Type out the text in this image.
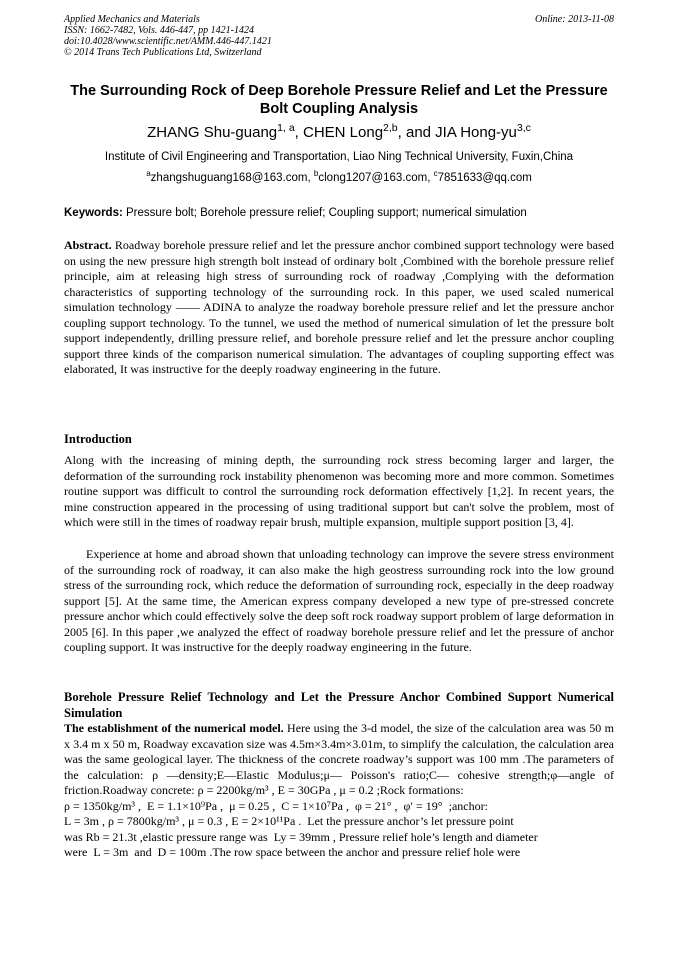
Applied Mechanics and Materials
ISSN: 1662-7482, Vols. 446-447, pp 1421-1424
doi:10.4028/www.scientific.net/AMM.446-447.1421
© 2014 Trans Tech Publications Ltd, Switzerland
Online: 2013-11-08
The Surrounding Rock of Deep Borehole Pressure Relief and Let the Pressure Bolt Coupling Analysis
ZHANG Shu-guang$^{1, a}$, CHEN Long$^{2,b}$, and JIA Hong-yu$^{3,c}$
Institute of Civil Engineering and Transportation, Liao Ning Technical University, Fuxin,China
$^a$zhangshuguang168@163.com, $^b$clong1207@163.com, $^c$7851633@qq.com
Keywords: Pressure bolt; Borehole pressure relief; Coupling support; numerical simulation
Abstract. Roadway borehole pressure relief and let the pressure anchor combined support technology were based on using the new pressure high strength bolt instead of ordinary bolt ,Combined with the borehole pressure relief principle, aim at releasing high stress of surrounding rock of roadway ,Complying with the deformation characteristics of supporting technology of the surrounding rock. In this paper, we used scaled numerical simulation technology —— ADINA to analyze the roadway borehole pressure relief and let the pressure anchor coupling support technology. To the tunnel, we used the method of numerical simulation of let the pressure bolt support independently, drilling pressure relief, and borehole pressure relief and let the pressure anchor coupling support three kinds of the comparison numerical simulation. The advantages of coupling supporting effect was elaborated, It was instructive for the deeply roadway engineering in the future.
Introduction
Along with the increasing of mining depth, the surrounding rock stress becoming larger and larger, the deformation of the surrounding rock instability phenomenon was becoming more and more common. Sometimes routine support was difficult to control the surrounding rock deformation effectively [1,2]. In recent years, the mine construction appeared in the processing of using traditional support but can't solve the problem, most of which were still in the times of roadway repair brush, multiple expansion, multiple support position [3, 4].
Experience at home and abroad shown that unloading technology can improve the severe stress environment of the surrounding rock of roadway, it can also make the high geostress surrounding rock into the low ground stress of the surrounding rock, which reduce the deformation of surrounding rock, especially in the deep roadway support [5]. At the same time, the American express company developed a new type of pre-stressed concrete pressure anchor which could effectively solve the deep soft rock roadway support problem of large deformation in 2005 [6]. In this paper ,we analyzed the effect of roadway borehole pressure relief and let the pressure of anchor coupling support. It was instructive for the deeply roadway engineering in the future.
Borehole Pressure Relief Technology and Let the Pressure Anchor Combined Support Numerical Simulation
The establishment of the numerical model. Here using the 3-d model, the size of the calculation area was 50 m x 3.4 m x 50 m, Roadway excavation size was 4.5m×3.4m×3.01m, to simplify the calculation, the calculation area was the same geological layer. The thickness of the concrete roadway’s support was 100 mm .The parameters of the calculation: ρ —density;E—Elastic Modulus;μ— Poisson's ratio;C— cohesive strength;φ—angle of friction.Roadway concrete: ρ = 2200kg/m³ , E = 30GPa , μ = 0.2 ;Rock formations:
ρ = 1350kg/m³ ,  E = 1.1×10⁹Pa ,  μ = 0.25 ,  C = 1×10⁷Pa ,  φ = 21° ,  φ′ = 19°  ;anchor:
L = 3m , ρ = 7800kg/m³ , μ = 0.3 , E = 2×10¹¹Pa .  Let the pressure anchor’s let pressure point
was Rb = 21.3t ,elastic pressure range was  Ly = 39mm , Pressure relief hole’s length and diameter
were  L = 3m  and  D = 100m .The row space between the anchor and pressure relief hole were
